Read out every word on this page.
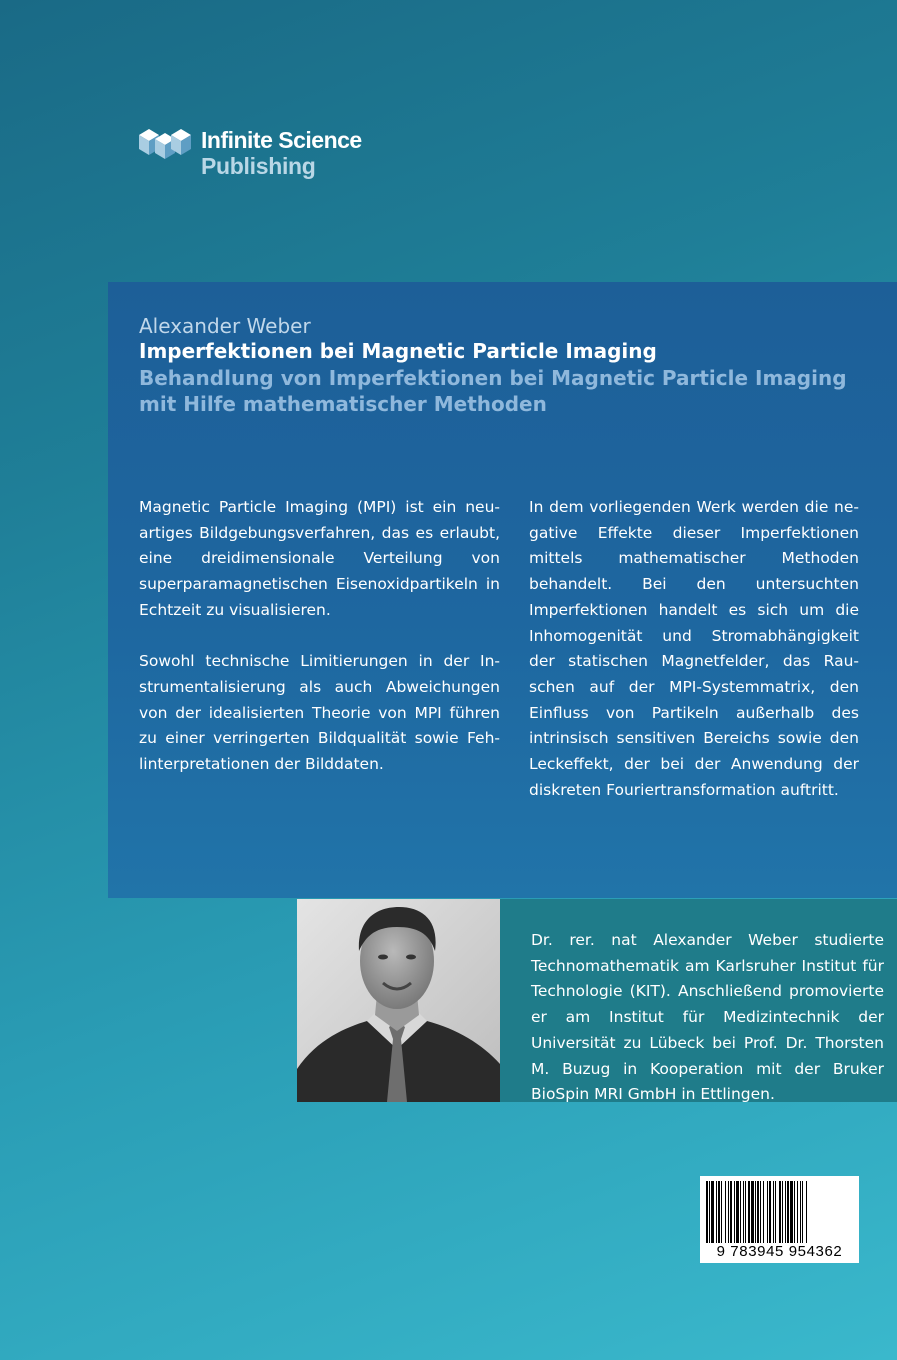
Infinite Science
Publishing
Alexander Weber
Imperfektionen bei Magnetic Particle Imaging
Behandlung von Imperfektionen bei Magnetic Particle Imaging mit Hilfe mathematischer Methoden

Magnetic Particle Imaging (MPI) ist ein neuartiges Bildgebungsverfahren, das es erlaubt, eine dreidimensionale Verteilung von superparamagnetischen Eisenoxidpartikeln in Echtzeit zu visualisieren.

Sowohl technische Limitierungen in der Instrumentalisierung als auch Abweichungen von der idealisierten Theorie von MPI führen zu einer verringerten Bildqualität sowie Fehlinterpretationen der Bilddaten.

In dem vorliegenden Werk werden die negative Effekte dieser Imperfektionen mittels mathematischer Methoden behandelt. Bei den untersuchten Imperfektionen handelt es sich um die Inhomogenität und Stromabhängigkeit der statischen Magnetfelder, das Rauschen auf der MPI-Systemmatrix, den Einfluss von Partikeln außerhalb des intrinsisch sensitiven Bereichs sowie den Leckeffekt, der bei der Anwendung der diskreten Fouriertransformation auftritt.

Dr. rer. nat Alexander Weber studierte Technomathematik am Karlsruher Institut für Technologie (KIT). Anschließend promovierte er am Institut für Medizintechnik der Universität zu Lübeck bei Prof. Dr. Thorsten M. Buzug in Kooperation mit der Bruker BioSpin MRI GmbH in Ettlingen.
9 783945 954362
